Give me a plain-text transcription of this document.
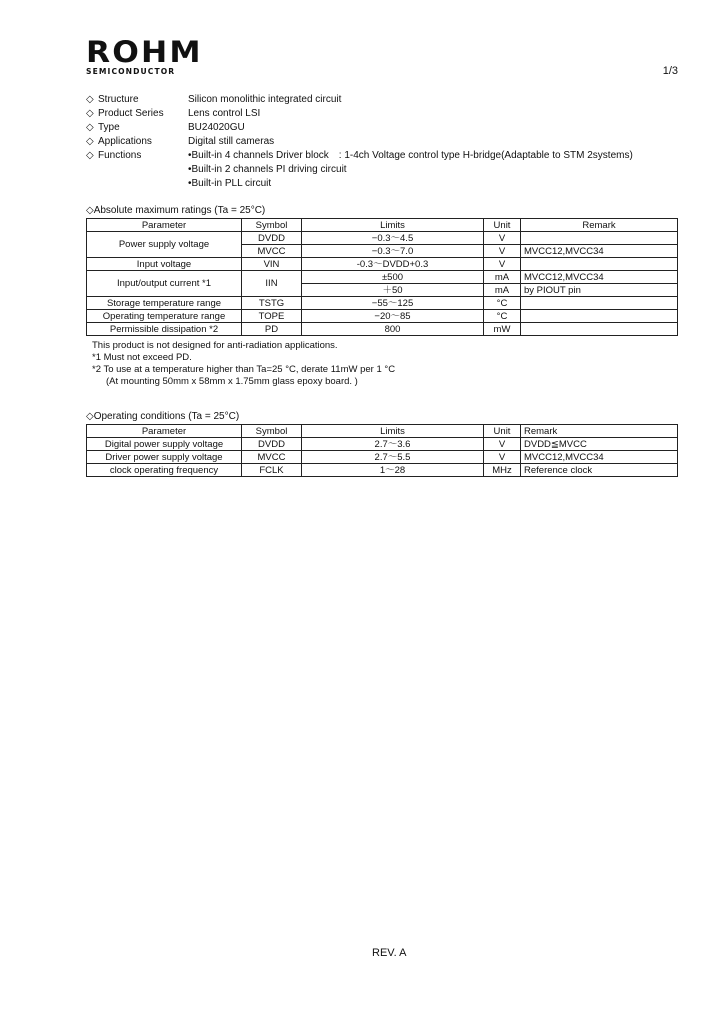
ROHM
SEMICONDUCTOR	1/3
◇ Structure	Silicon monolithic integrated circuit
◇ Product Series	Lens control LSI
◇ Type	BU24020GU
◇ Applications	Digital still cameras
◇ Functions	•Built-in 4 channels Driver block　: 1-4ch Voltage control type H-bridge(Adaptable to STM 2systems)
•Built-in 2 channels PI driving circuit
•Built-in PLL circuit
◇Absolute maximum ratings (Ta = 25°C)
Parameter	Symbol	Limits	Unit	Remark
Power supply voltage	DVDD	−0.3～4.5	V	
	MVCC	−0.3～7.0	V	MVCC12,MVCC34
Input voltage	VIN	-0.3～DVDD+0.3	V	
Input/output current *1	IIN	±500	mA	MVCC12,MVCC34
		＋50	mA	by PIOUT pin
Storage temperature range	TSTG	−55～125	°C	
Operating temperature range	TOPE	−20～85	°C	
Permissible dissipation *2	PD	800	mW	
This product is not designed for anti-radiation applications.
*1 Must not exceed PD.
*2 To use at a temperature higher than Ta=25 °C, derate 11mW per 1 °C
(At mounting 50mm x 58mm x 1.75mm glass epoxy board. )
◇Operating conditions (Ta = 25°C)
Parameter	Symbol	Limits	Unit	Remark
Digital power supply voltage	DVDD	2.7～3.6	V	DVDD≦MVCC
Driver power supply voltage	MVCC	2.7～5.5	V	MVCC12,MVCC34
clock operating frequency	FCLK	1～28	MHz	Reference clock
REV. A
